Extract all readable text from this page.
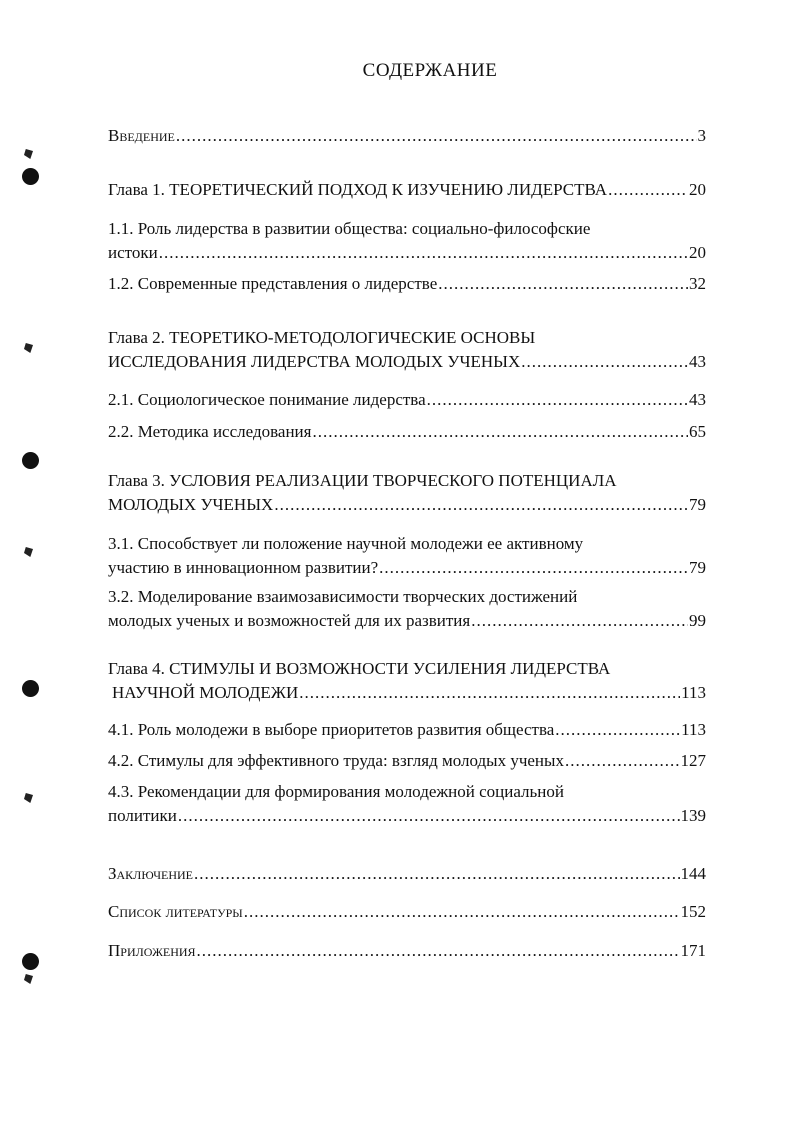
СОДЕРЖАНИЕ
Введение .....	3
Глава 1. ТЕОРЕТИЧЕСКИЙ ПОДХОД К ИЗУЧЕНИЮ ЛИДЕРСТВА .....	20
1.1. Роль лидерства в развитии общества: социально-философские
истоки .....	20
1.2. Современные представления о лидерстве .....	32
Глава 2. ТЕОРЕТИКО-МЕТОДОЛОГИЧЕСКИЕ ОСНОВЫ
ИССЛЕДОВАНИЯ ЛИДЕРСТВА МОЛОДЫХ УЧЕНЫХ .....	43
2.1. Социологическое понимание лидерства .....	43
2.2. Методика исследования .....	65
Глава 3. УСЛОВИЯ РЕАЛИЗАЦИИ ТВОРЧЕСКОГО ПОТЕНЦИАЛА
МОЛОДЫХ УЧЕНЫХ .....	79
3.1. Способствует ли положение научной молодежи ее активному
участию в инновационном развитии? .....	79
3.2. Моделирование взаимозависимости творческих достижений
молодых ученых и возможностей для их развития .....	99
Глава 4. СТИМУЛЫ И ВОЗМОЖНОСТИ УСИЛЕНИЯ ЛИДЕРСТВА
НАУЧНОЙ МОЛОДЕЖИ .....	113
4.1. Роль молодежи в выборе приоритетов развития общества .....	113
4.2. Стимулы для эффективного труда: взгляд молодых ученых .....	127
4.3. Рекомендации для формирования молодежной социальной
политики .....	139
Заключение .....	144
Список литературы .....	152
Приложения .....	171
